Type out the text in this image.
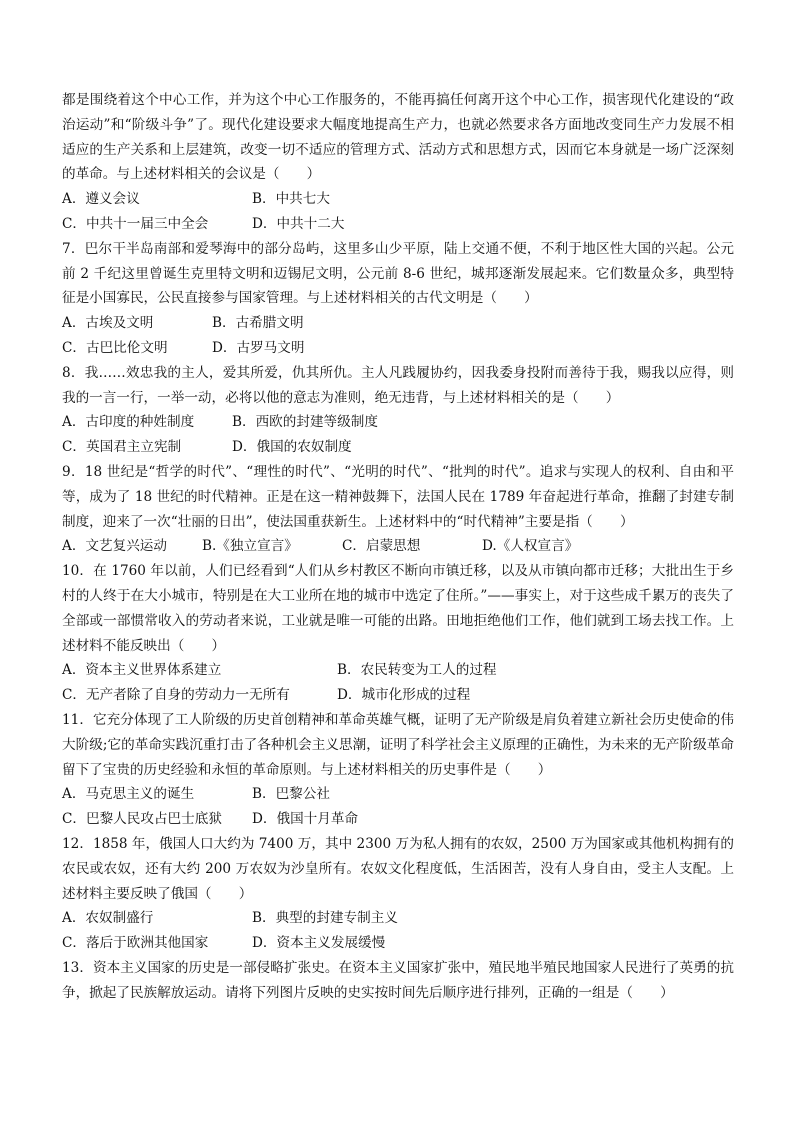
都是围绕着这个中心工作，并为这个中心工作服务的，不能再搞任何离开这个中心工作，损害现代化建设的“政治运动”和“阶级斗争”了。现代化建设要求大幅度地提高生产力，也就必然要求各方面地改变同生产力发展不相适应的生产关系和上层建筑，改变一切不适应的管理方式、活动方式和思想方式，因而它本身就是一场广泛深刻的革命。与上述材料相关的会议是（　　）

A．遵义会议	B．中共七大
C．中共十一届三中全会	D．中共十二大

7．巴尔干半岛南部和爱琴海中的部分岛屿，这里多山少平原，陆上交通不便，不利于地区性大国的兴起。公元前 2 千纪这里曾诞生克里特文明和迈锡尼文明，公元前 8-6 世纪，城邦逐渐发展起来。它们数量众多，典型特征是小国寡民，公民直接参与国家管理。与上述材料相关的古代文明是（　　）

A．古埃及文明	B．古希腊文明
C．古巴比伦文明	D．古罗马文明

8．我……效忠我的主人，爱其所爱，仇其所仇。主人凡践履协约，因我委身投附而善待于我，赐我以应得，则我的一言一行，一举一动，必将以他的意志为准则，绝无违背，与上述材料相关的是（　　）

A．古印度的种姓制度	B．西欧的封建等级制度
C．英国君主立宪制	D．俄国的农奴制度

9．18 世纪是“哲学的时代”、“理性的时代”、“光明的时代”、“批判的时代”。追求与实现人的权利、自由和平等，成为了 18 世纪的时代精神。正是在这一精神鼓舞下，法国人民在 1789 年奋起进行革命，推翻了封建专制制度，迎来了一次“壮丽的日出”，使法国重获新生。上述材料中的“时代精神”主要是指（　　）

A．文艺复兴运动	B.《独立宣言》	C．启蒙思想	D.《人权宣言》

10．在 1760 年以前，人们已经看到“人们从乡村教区不断向市镇迁移，以及从市镇向都市迁移；大批出生于乡村的人终于在大小城市，特别是在大工业所在地的城市中选定了住所。”——事实上，对于这些成千累万的丧失了全部或一部惯常收入的劳动者来说，工业就是唯一可能的出路。田地拒绝他们工作，他们就到工场去找工作。上述材料不能反映出（　　）

A．资本主义世界体系建立	B．农民转变为工人的过程
C．无产者除了自身的劳动力一无所有	D．城市化形成的过程

11．它充分体现了工人阶级的历史首创精神和革命英雄气概，证明了无产阶级是肩负着建立新社会历史使命的伟大阶级;它的革命实践沉重打击了各种机会主义思潮，证明了科学社会主义原理的正确性，为未来的无产阶级革命留下了宝贵的历史经验和永恒的革命原则。与上述材料相关的历史事件是（　　）

A．马克思主义的诞生	B．巴黎公社
C．巴黎人民攻占巴士底狱	D．俄国十月革命

12．1858 年，俄国人口大约为 7400 万，其中 2300 万为私人拥有的农奴，2500 万为国家或其他机构拥有的农民或农奴，还有大约 200 万农奴为沙皇所有。农奴文化程度低，生活困苦，没有人身自由，受主人支配。上述材料主要反映了俄国（　　）

A．农奴制盛行	B．典型的封建专制主义
C．落后于欧洲其他国家	D．资本主义发展缓慢

13．资本主义国家的历史是一部侵略扩张史。在资本主义国家扩张中，殖民地半殖民地国家人民进行了英勇的抗争，掀起了民族解放运动。请将下列图片反映的史实按时间先后顺序进行排列，正确的一组是（　　）
